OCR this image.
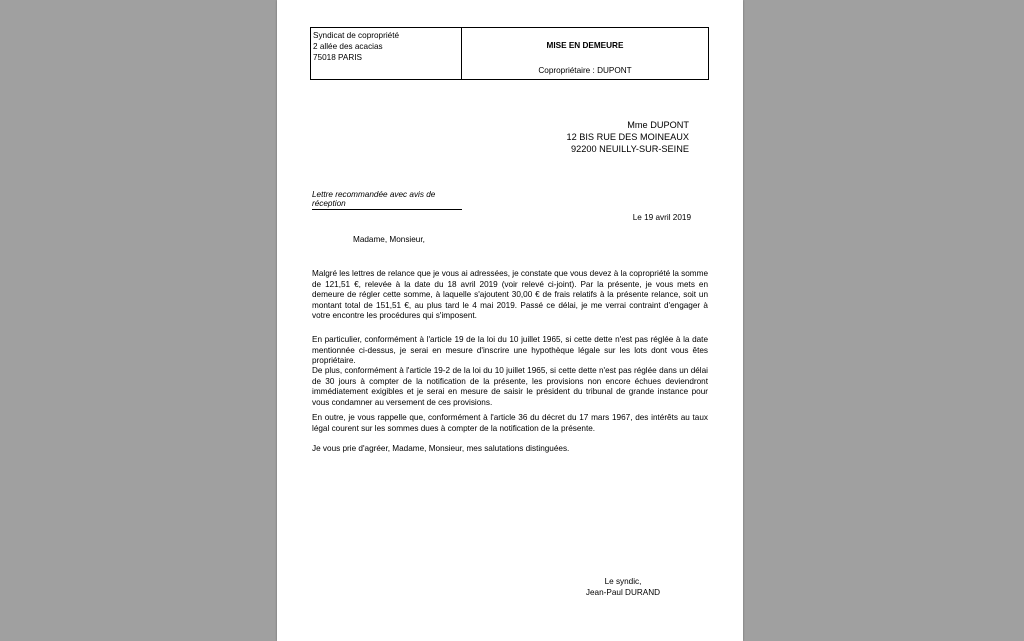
Syndicat de copropriété
2 allée des acacias
75018 PARIS
MISE EN DEMEURE
Copropriétaire : DUPONT
Mme DUPONT
12 BIS RUE DES MOINEAUX
92200 NEUILLY-SUR-SEINE
Lettre recommandée avec avis de réception
Le 19 avril 2019
Madame, Monsieur,
Malgré les lettres de relance que je vous ai adressées, je constate que vous devez à la copropriété la somme de 121,51 €, relevée à la date du 18 avril 2019 (voir relevé ci-joint). Par la présente, je vous mets en demeure de régler cette somme, à laquelle s'ajoutent 30,00 € de frais relatifs à la présente relance, soit un montant total de 151,51 €, au plus tard le 4 mai 2019. Passé ce délai, je me verrai contraint d'engager à votre encontre les procédures qui s'imposent.
En particulier, conformément à l'article 19 de la loi du 10 juillet 1965, si cette dette n'est pas réglée à la date mentionnée ci-dessus, je serai en mesure d'inscrire une hypothèque légale sur les lots dont vous êtes propriétaire.
De plus, conformément à l'article 19-2 de la loi du 10 juillet 1965, si cette dette n'est pas réglée dans un délai de 30 jours à compter de la notification de la présente, les provisions non encore échues deviendront immédiatement exigibles et je serai en mesure de saisir le président du tribunal de grande instance pour vous condamner au versement de ces provisions.
En outre, je vous rappelle que, conformément à l'article 36 du décret du 17 mars 1967, des intérêts au taux légal courent sur les sommes dues à compter de la notification de la présente.
Je vous prie d'agréer, Madame, Monsieur, mes salutations distinguées.
Le syndic,
Jean-Paul DURAND
